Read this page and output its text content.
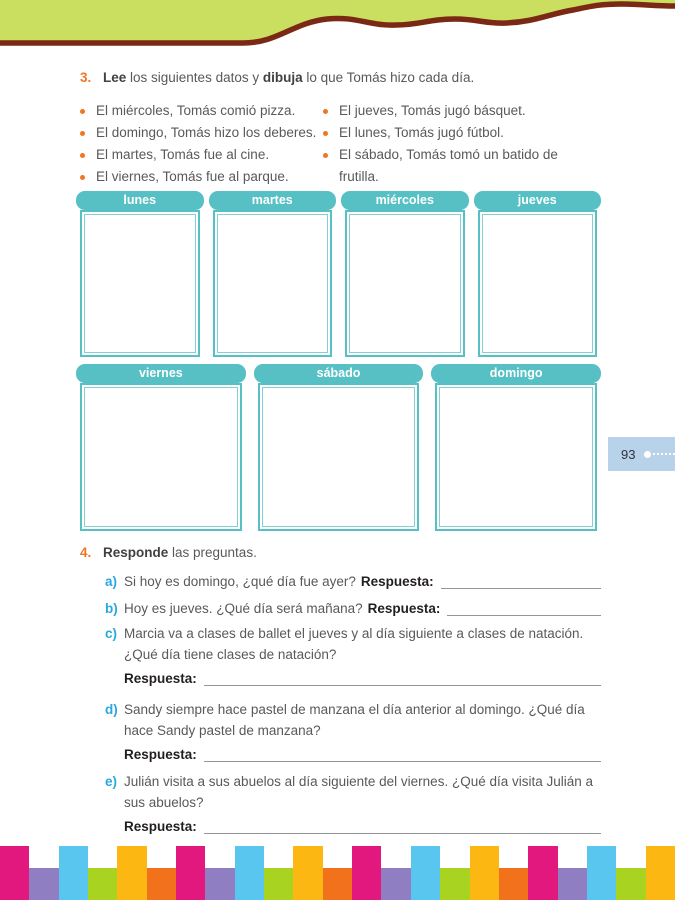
3. Lee los siguientes datos y dibuja lo que Tomás hizo cada día.
El miércoles, Tomás comió pizza.
El domingo, Tomás hizo los deberes.
El martes, Tomás fue al cine.
El viernes, Tomás fue al parque.
El jueves, Tomás jugó básquet.
El lunes, Tomás jugó fútbol.
El sábado, Tomás tomó un batido de frutilla.
lunes	martes	miércoles	jueves
viernes	sábado	domingo
93
4. Responde las preguntas.
a) Si hoy es domingo, ¿qué día fue ayer? Respuesta:
b) Hoy es jueves. ¿Qué día será mañana? Respuesta:
c) Marcia va a clases de ballet el jueves y al día siguiente a clases de natación. ¿Qué día tiene clases de natación?

Respuesta:
d) Sandy siempre hace pastel de manzana el día anterior al domingo. ¿Qué día hace Sandy pastel de manzana?

Respuesta:
e) Julián visita a sus abuelos al día siguiente del viernes. ¿Qué día visita Julián a sus abuelos?

Respuesta:
